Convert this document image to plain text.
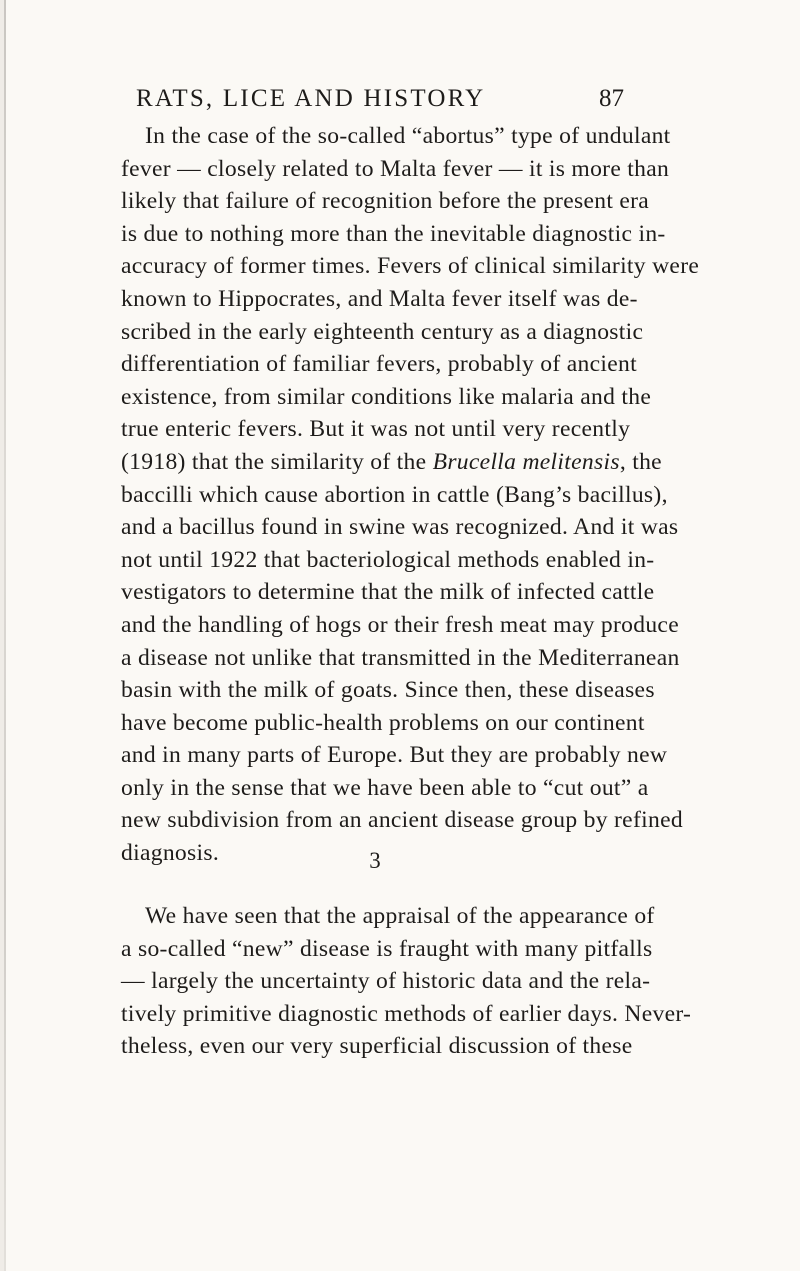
RATS, LICE AND HISTORY	87
In the case of the so-called “abortus” type of undulant
fever — closely related to Malta fever — it is more than
likely that failure of recognition before the present era
is due to nothing more than the inevitable diagnostic in-
accuracy of former times. Fevers of clinical similarity were
known to Hippocrates, and Malta fever itself was de-
scribed in the early eighteenth century as a diagnostic
differentiation of familiar fevers, probably of ancient
existence, from similar conditions like malaria and the
true enteric fevers. But it was not until very recently
(1918) that the similarity of the Brucella melitensis, the
baccilli which cause abortion in cattle (Bang’s bacillus),
and a bacillus found in swine was recognized. And it was
not until 1922 that bacteriological methods enabled in-
vestigators to determine that the milk of infected cattle
and the handling of hogs or their fresh meat may produce
a disease not unlike that transmitted in the Mediterranean
basin with the milk of goats. Since then, these diseases
have become public-health problems on our continent
and in many parts of Europe. But they are probably new
only in the sense that we have been able to “cut out” a
new subdivision from an ancient disease group by refined
diagnosis.	3
We have seen that the appraisal of the appearance of
a so-called “new” disease is fraught with many pitfalls
— largely the uncertainty of historic data and the rela-
tively primitive diagnostic methods of earlier days. Never-
theless, even our very superficial discussion of these
